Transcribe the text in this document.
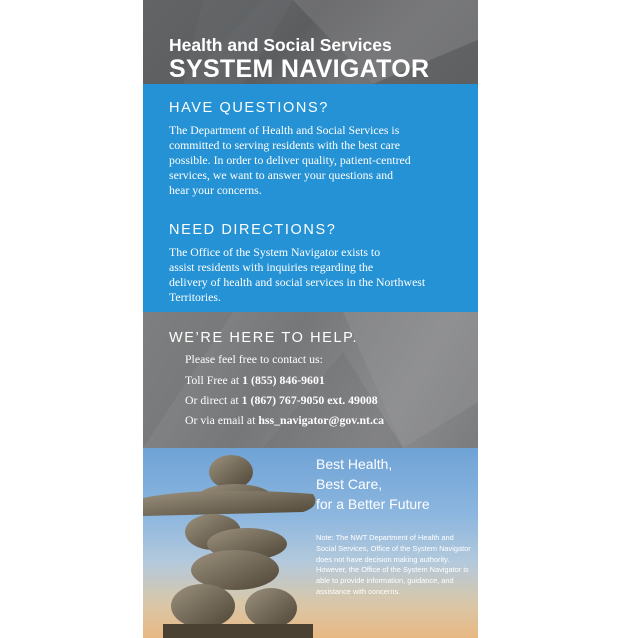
Health and Social Services
SYSTEM NAVIGATOR
HAVE QUESTIONS?
The Department of Health and Social Services is
committed to serving residents with the best care
possible. In order to deliver quality, patient-centred
services, we want to answer your questions and
hear your concerns.
NEED DIRECTIONS?
The Office of the System Navigator exists to
assist residents with inquiries regarding the
delivery of health and social services in the Northwest
Territories.
WE’RE HERE TO HELP.

Please feel free to contact us:

Toll Free at 1 (855) 846-9601

Or direct at 1 (867) 767-9050 ext. 49008

Or via email at hss_navigator@gov.nt.ca

Best Health,

Best Care,

for a Better Future

Note: The NWT Department of Health and Social Services, Office of the System Navigator does not have decision making authority. However, the Office of the System Navigator is able to provide information, guidance, and assistance with concerns.
